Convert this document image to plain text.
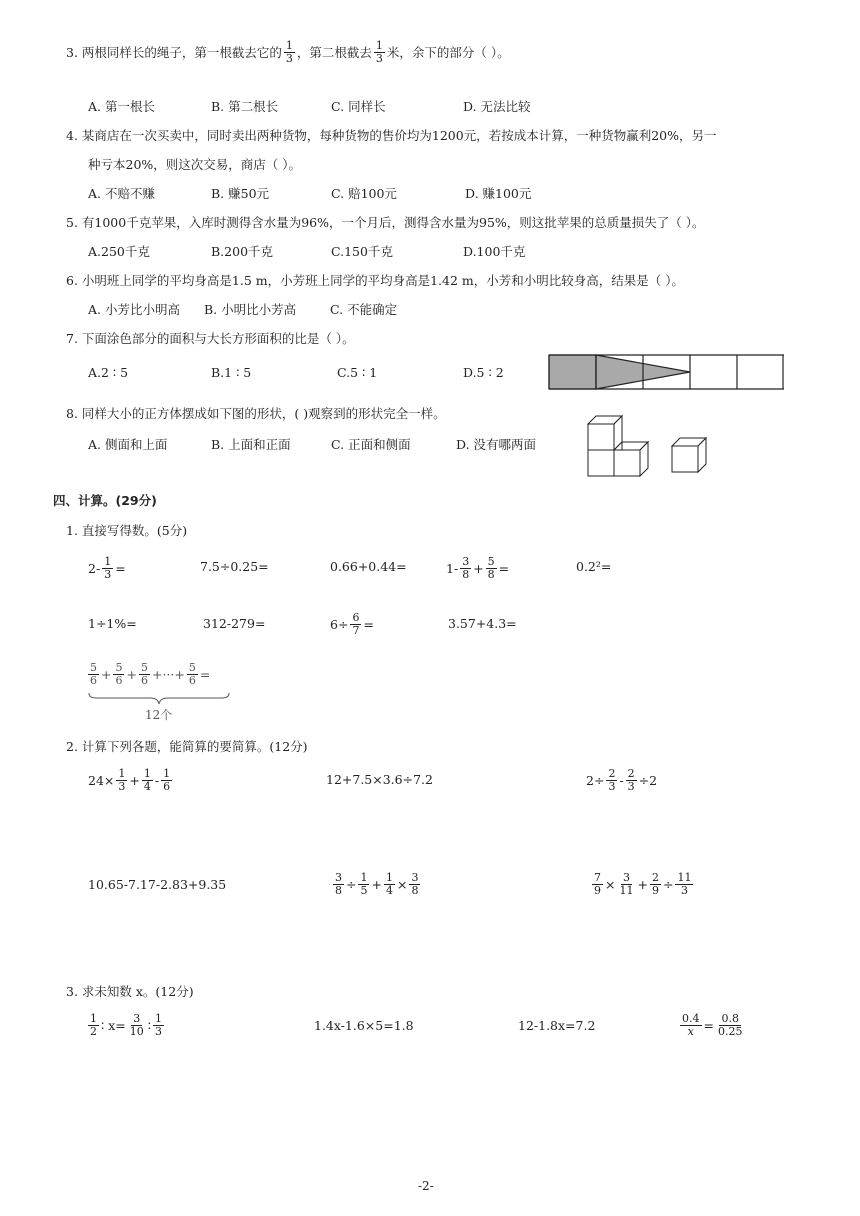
3. 两根同样长的绳子，第一根截去它的 $\frac{1}{3}$ ，第二根截去 $\frac{1}{3}$ 米，余下的部分（ ）。
A. 第一根长	B. 第二根长	C. 同样长	D. 无法比较
4. 某商店在一次买卖中，同时卖出两种货物，每种货物的售价均为1200元，若按成本计算，一种货物赢利20%，另一
种亏本20%，则这次交易，商店（ ）。
A. 不赔不赚	B. 赚50元	C. 赔100元	D. 赚100元
5. 有1000千克苹果，入库时测得含水量为96%，一个月后，测得含水量为95%，则这批苹果的总质量损失了（ ）。
A.250千克	B.200千克	C.150千克	D.100千克
6. 小明班上同学的平均身高是1.5 m，小芳班上同学的平均身高是1.42 m，小芳和小明比较身高，结果是（ ）。
A. 小芳比小明高 B. 小明比小芳高	C. 不能确定
7. 下面涂色部分的面积与大长方形面积的比是（ ）。
A.2 ∶ 5	B.1 ∶ 5	C.5 ∶ 1	D.5 ∶ 2
8. 同样大小的正方体摆成如下图的形状，( )观察到的形状完全一样。
A. 侧面和上面	B. 上面和正面	C. 正面和侧面	D. 没有哪两面
四、计算。(29分)
1. 直接写得数。(5分)
$2- \frac{1}{3}$ =	7.5÷0.25=	0.66+0.44=	$1- \frac{3}{8} + \frac{5}{8}$ =	0.2²=
1÷1%=	312-279=	$6\div \frac{6}{7}$ =	3.57+4.3=
$\frac{5}{6} + \frac{5}{6} + \frac{5}{6}$ + ··· + $\frac{5}{6}$ =
12个
2. 计算下列各题，能简算的要简算。(12分)
$24\times \frac{1}{3} + \frac{1}{4} - \frac{1}{6}$	12+7.5×3.6÷7.2	$2\div \frac{2}{3} - \frac{2}{3} \div 2$
10.65-7.17-2.83+9.35	$\frac{3}{8} \div \frac{1}{5} + \frac{1}{4} \times \frac{3}{8}$	$\frac{7}{9} \times \frac{3}{11} + \frac{2}{9} \div \frac{11}{3}$
3. 求未知数 x。(12分)
$\frac{1}{2}$ ∶ $x= \frac{3}{10}$ ∶ $\frac{1}{3}$	1.4x-1.6×5=1.8	12-1.8x=7.2	$\frac{0.4}{x} = \frac{0.8}{0.25}$
-2-
